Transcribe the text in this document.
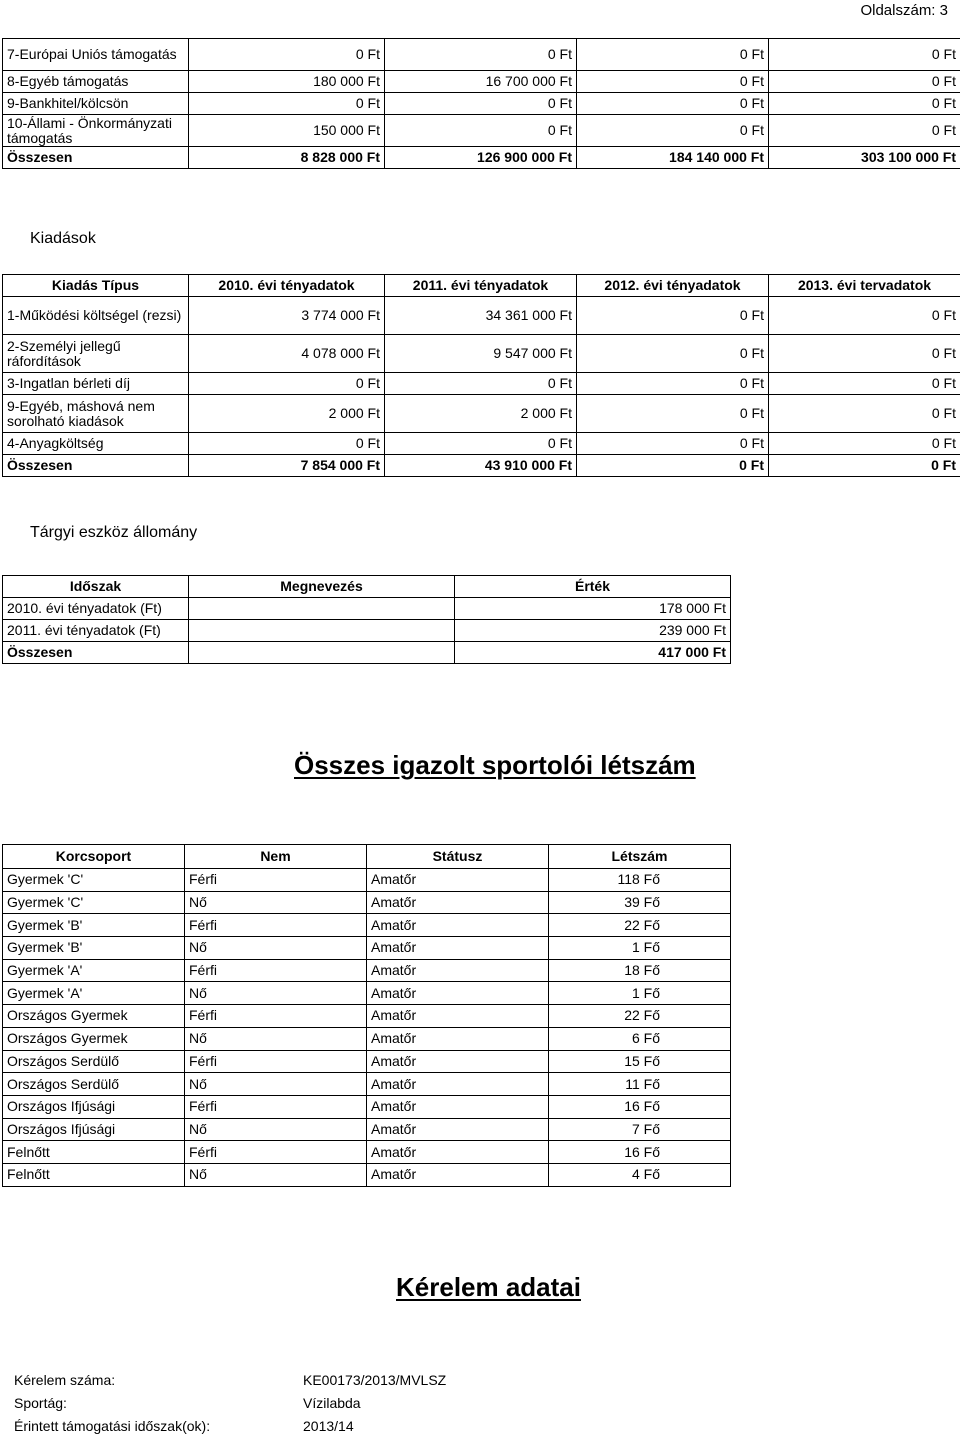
Oldalszám: 3
7-Európai Uniós támogatás	0 Ft	0 Ft	0 Ft	0 Ft
8-Egyéb támogatás	180 000 Ft	16 700 000 Ft	0 Ft	0 Ft
9-Bankhitel/kölcsön	0 Ft	0 Ft	0 Ft	0 Ft
10-Állami - Önkormányzati támogatás	150 000 Ft	0 Ft	0 Ft	0 Ft
Összesen	8 828 000 Ft	126 900 000 Ft	184 140 000 Ft	303 100 000 Ft
Kiadások
Kiadás Típus	2010. évi tényadatok	2011. évi tényadatok	2012. évi tényadatok	2013. évi tervadatok
1-Működési költségel (rezsi)	3 774 000 Ft	34 361 000 Ft	0 Ft	0 Ft
2-Személyi jellegű ráfordítások	4 078 000 Ft	9 547 000 Ft	0 Ft	0 Ft
3-Ingatlan bérleti díj	0 Ft	0 Ft	0 Ft	0 Ft
9-Egyéb, máshová nem sorolható kiadások	2 000 Ft	2 000 Ft	0 Ft	0 Ft
4-Anyagköltség	0 Ft	0 Ft	0 Ft	0 Ft
Összesen	7 854 000 Ft	43 910 000 Ft	0 Ft	0 Ft
Tárgyi eszköz állomány
Időszak	Megnevezés	Érték
2010. évi tényadatok (Ft)		178 000 Ft
2011. évi tényadatok (Ft)		239 000 Ft
Összesen		417 000 Ft
Összes igazolt sportolói létszám
Korcsoport	Nem	Státusz	Létszám
Gyermek 'C'	Férfi	Amatőr	118 Fő
Gyermek 'C'	Nő	Amatőr	39 Fő
Gyermek 'B'	Férfi	Amatőr	22 Fő
Gyermek 'B'	Nő	Amatőr	1 Fő
Gyermek 'A'	Férfi	Amatőr	18 Fő
Gyermek 'A'	Nő	Amatőr	1 Fő
Országos Gyermek	Férfi	Amatőr	22 Fő
Országos Gyermek	Nő	Amatőr	6 Fő
Országos Serdülő	Férfi	Amatőr	15 Fő
Országos Serdülő	Nő	Amatőr	11 Fő
Országos Ifjúsági	Férfi	Amatőr	16 Fő
Országos Ifjúsági	Nő	Amatőr	7 Fő
Felnőtt	Férfi	Amatőr	16 Fő
Felnőtt	Nő	Amatőr	4 Fő
Kérelem adatai
Kérelem száma:	KE00173/2013/MVLSZ
Sportág:	Vízilabda
Érintett támogatási időszak(ok):	2013/14
